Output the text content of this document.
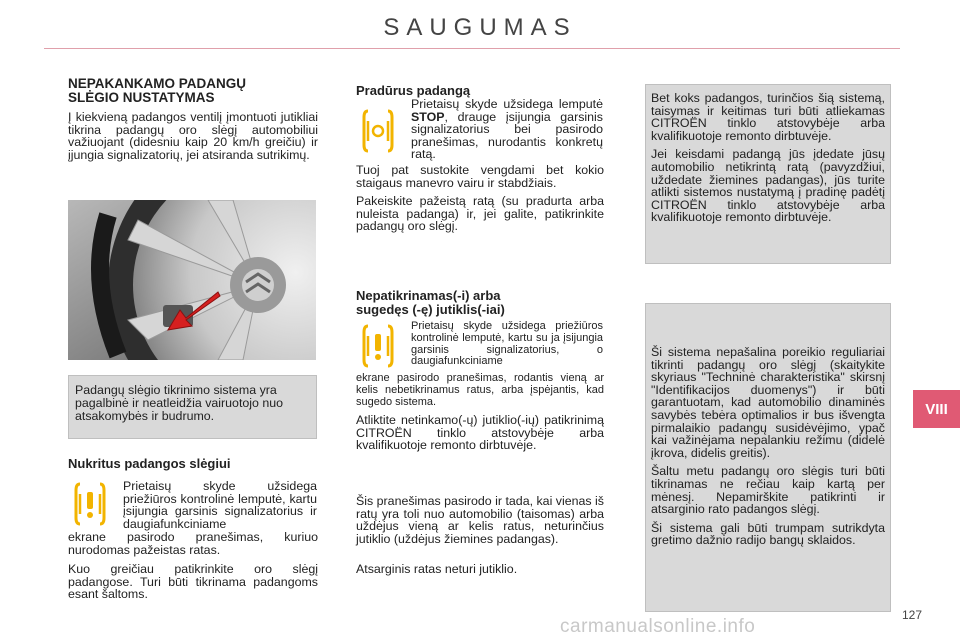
SAUGUMAS
VIII
NEPAKANKAMO PADANGŲ
SLĖGIO NUSTATYMAS

Į kiekvieną padangos ventilį įmontuoti jutikliai tikrina padangų oro slėgį automobiliui važiuojant (didesniu kaip 20 km/h greičiu) ir įjungia signalizatorių, jei atsiranda sutrikimų.

Padangų slėgio tikrinimo sistema yra pagalbinė ir neatleidžia vairuotojo nuo atsakomybės ir budrumo.

Nukritus padangos slėgiui

Prietaisų skyde užsidega priežiūros kontrolinė lemputė, kartu įsijungia garsinis signalizatorius ir daugiafunkciniame

ekrane pasirodo pranešimas, kuriuo nurodomas pažeistas ratas.

Kuo greičiau patikrinkite oro slėgį padangose. Turi būti tikrinama padangoms esant šaltoms.

Pradūrus padangą

Prietaisų skyde užsidega lemputė STOP, drauge įsijungia garsinis signalizatorius bei pasirodo pranešimas, nurodantis konkretų ratą.

Tuoj pat sustokite vengdami bet kokio staigaus manevro vairu ir stabdžiais.

Pakeiskite pažeistą ratą (su pradurta arba nuleista padanga) ir, jei galite, patikrinkite padangų oro slėgį.

Nepatikrinamas(-i) arba
sugedęs (-ę) jutiklis(-iai)

Prietaisų skyde užsidega priežiūros kontrolinė lemputė, kartu su ja įsijungia garsinis signalizatorius, o daugiafunkciniame

ekrane pasirodo pranešimas, rodantis vieną ar kelis nebetikrinamus ratus, arba įspėjantis, kad sugedo sistema.

Atliktite netinkamo(-ų) jutiklio(-ių) patikrinimą CITROËN tinklo atstovybėje arba kvalifikuotoje remonto dirbtuvėje.

Šis pranešimas pasirodo ir tada, kai vienas iš ratų yra toli nuo automobilio (taisomas) arba uždėjus vieną ar kelis ratus, neturinčius jutiklio (uždėjus žiemines padangas).

Atsarginis ratas neturi jutiklio.

Bet koks padangos, turinčios šią sistemą, taisymas ir keitimas turi būti atliekamas CITROËN tinklo atstovybėje arba kvalifikuotoje remonto dirbtuvėje.

Jei keisdami padangą jūs įdedate jūsų automobilio netikrintą ratą (pavyzdžiui, uždedate žiemines padangas), jūs turite atlikti sistemos nustatymą į pradinę padėtį CITROËN tinklo atstovybėje arba kvalifikuotoje remonto dirbtuvėje.

Ši sistema nepašalina poreikio reguliariai tikrinti padangų oro slėgį (skaitykite skyriaus "Techninė charakteristika" skirsnį "Identifikacijos duomenys") ir būti garantuotam, kad automobilio dinaminės savybės tebėra optimalios ir bus išvengta pirmalaikio padangų susidėvėjimo, ypač kai važinėjama nepalankiu režimu (didelė įkrova, didelis greitis).

Šaltu metu padangų oro slėgis turi būti tikrinamas ne rečiau kaip kartą per mėnesį. Nepamirškite patikrinti ir atsarginio rato padangos slėgį.

Ši sistema gali būti trumpam sutrikdyta gretimo dažnio radijo bangų sklaidos.

carmanualsonline.info
127
